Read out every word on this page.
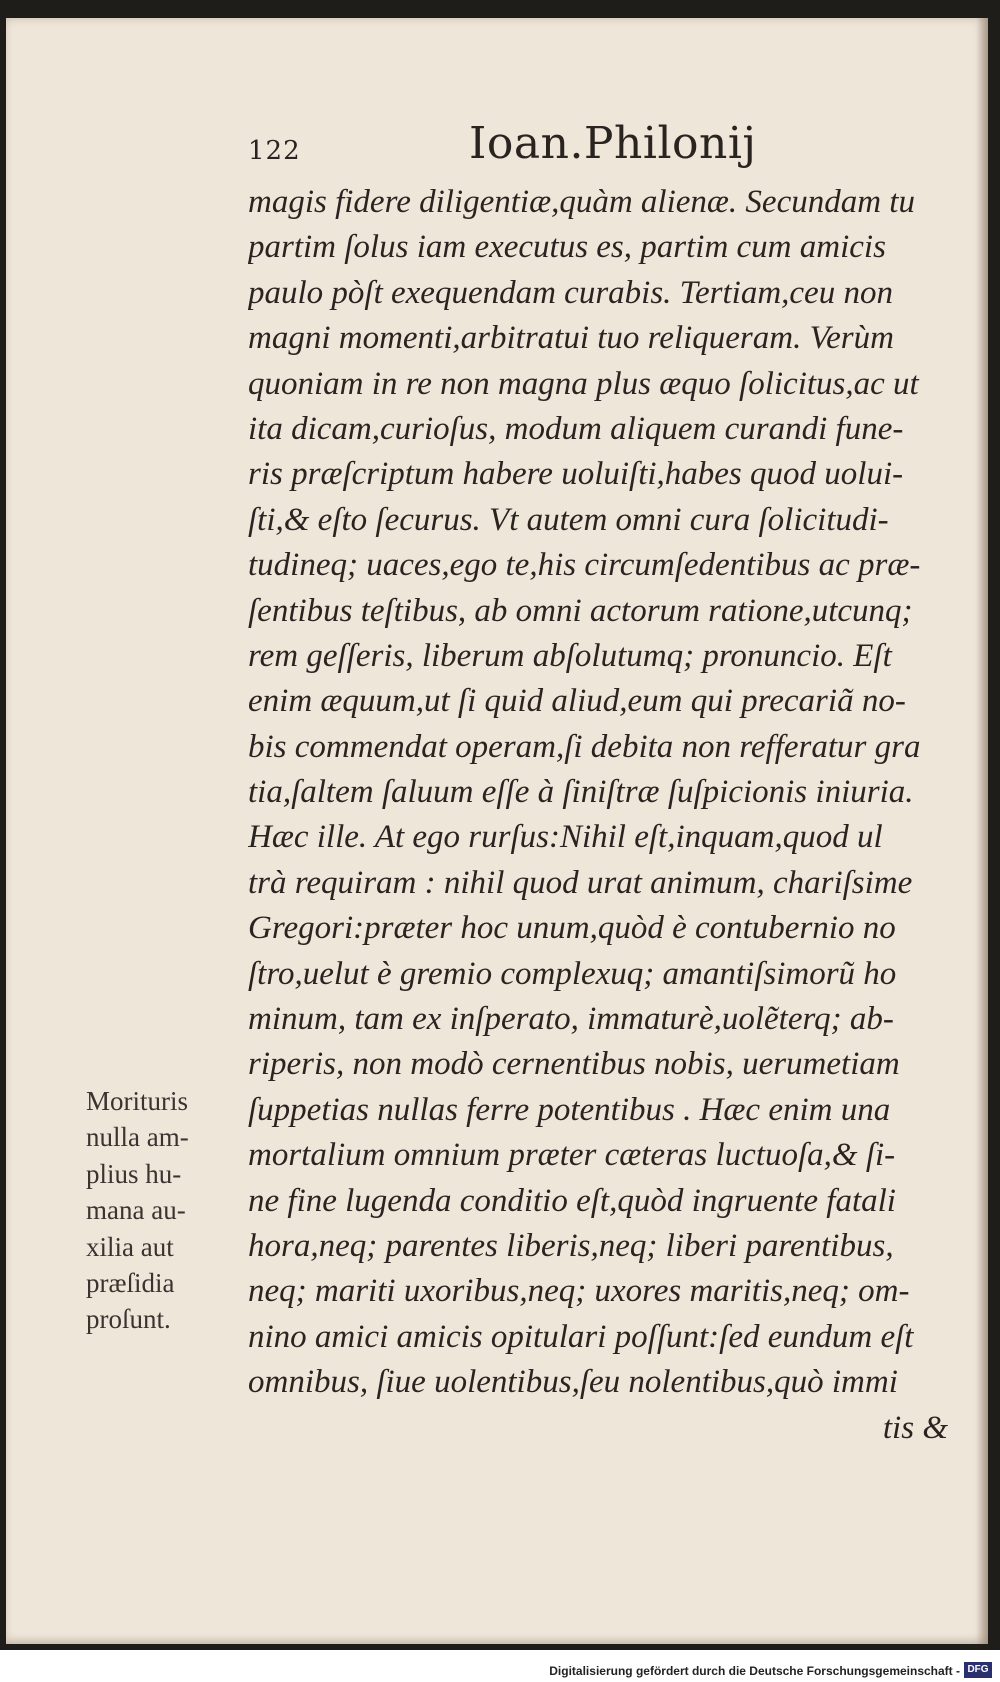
122	Ioan.Philonij
magis fidere diligentiæ,quàm alienæ. Secundam tu
partim ſolus iam executus es, partim cum amicis
paulo pòſt exequendam curabis. Tertiam,ceu non
magni momenti,arbitratui tuo reliqueram. Verùm
quoniam in re non magna plus æquo ſolicitus,ac ut
ita dicam,curioſus, modum aliquem curandi fune-
ris præſcriptum habere uoluiſti,habes quod uolui-
ſti,& eſto ſecurus. Vt autem omni cura ſolicitudi-
tudineq; uaces,ego te,his circumſedentibus ac præ-
ſentibus teſtibus, ab omni actorum ratione,utcunq;
rem geſſeris, liberum abſolutumq; pronuncio. Eſt
enim æquum,ut ſi quid aliud,eum qui precariã no-
bis commendat operam,ſi debita non refferatur gra
tia,ſaltem ſaluum eſſe à ſiniſtræ ſuſpicionis iniuria.
Hæc ille. At ego rurſus:Nihil eſt,inquam,quod ul
trà requiram : nihil quod urat animum, chariſsime
Gregori:præter hoc unum,quòd è contubernio no
ſtro,uelut è gremio complexuq; amantiſsimorũ ho
minum, tam ex inſperato, immaturè,uolẽterq; ab-
riperis, non modò cernentibus nobis, uerumetiam
ſuppetias nullas ferre potentibus . Hæc enim una
mortalium omnium præter cæteras luctuoſa,& ſi-
ne fine lugenda conditio eſt,quòd ingruente fatali
hora,neq; parentes liberis,neq; liberi parentibus,
neq; mariti uxoribus,neq; uxores maritis,neq; om-
nino amici amicis opitulari poſſunt:ſed eundum eſt
omnibus, ſiue uolentibus,ſeu nolentibus,quò immi
tis &
Morituris
nulla am-
plius hu-
mana au-
xilia aut
præſidia
proſunt.
Digitalisierung gefördert durch die Deutsche Forschungsgemeinschaft - DFG
